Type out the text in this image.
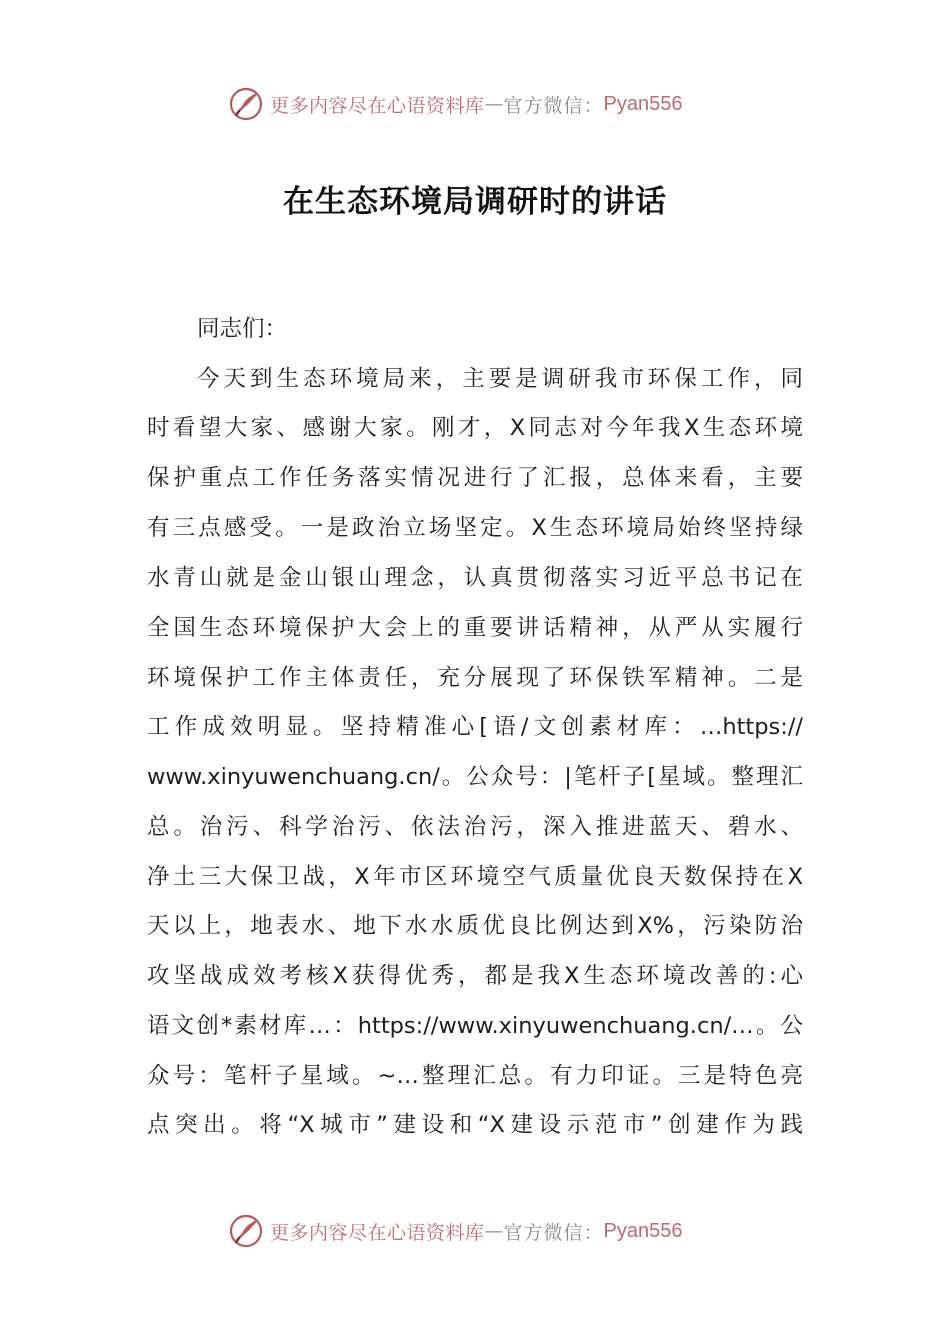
更多内容尽在心语资料库 — 官方微信： Pyan556
在生态环境局调研时的讲话
同志们：
今天到生态环境局来，主要是调研我市环保工作，同
时看望大家、感谢大家。刚才，X同志对今年我X生态环境
保护重点工作任务落实情况进行了汇报，总体来看，主要
有三点感受。一是政治立场坚定。X生态环境局始终坚持绿
水青山就是金山银山理念，认真贯彻落实习近平总书记在
全国生态环境保护大会上的重要讲话精神，从严从实履行
环境保护工作主体责任，充分展现了环保铁军精神。二是
工作成效明显。坚持精准心[语/文创素材库：…https://
www.xinyuwenchuang.cn/。公众号：|笔杆子[星域。整理汇
总。治污、科学治污、依法治污，深入推进蓝天、碧水、
净土三大保卫战，X年市区环境空气质量优良天数保持在X
天以上，地表水、地下水水质优良比例达到X%，污染防治
攻坚战成效考核X获得优秀，都是我X生态环境改善的:心
语文创*素材库…：https://www.xinyuwenchuang.cn/…。公
众号：笔杆子星域。~…整理汇总。有力印证。三是特色亮
点突出。将“X城市”建设和“X建设示范市”创建作为践
更多内容尽在心语资料库 — 官方微信： Pyan556
